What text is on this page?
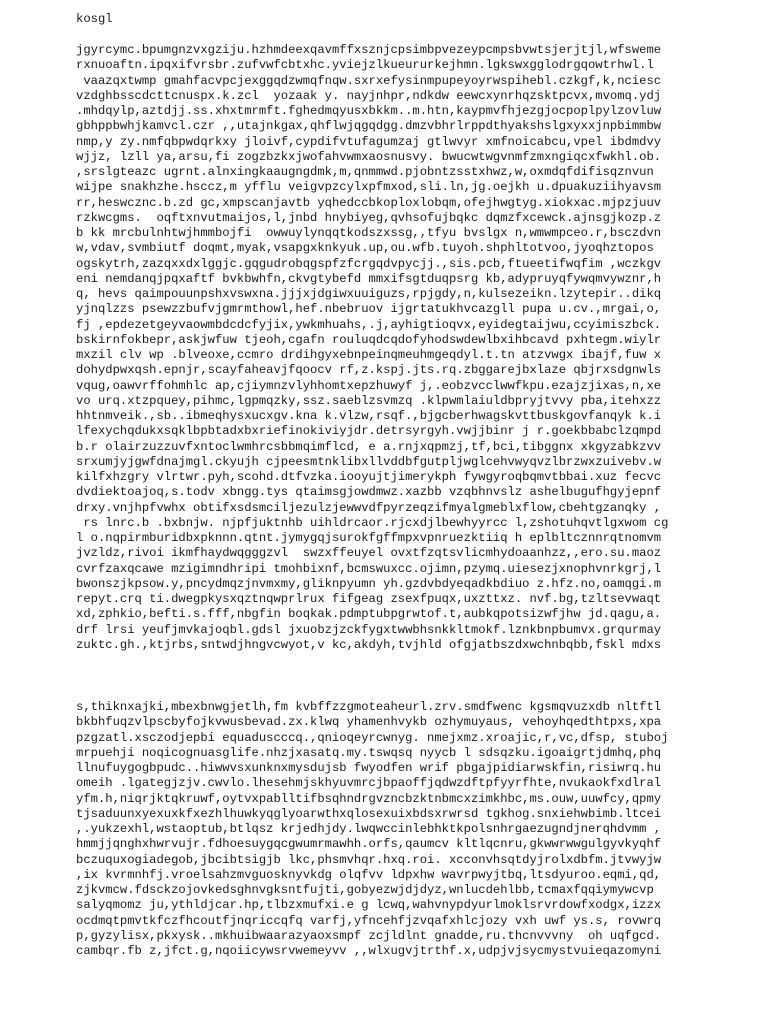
kosgl
jgyrcymc.bpumgnzvxgziju.hzhmdeexqavmffxsznjcpsimbpvezeypcmpsbvwtsjerjtjl,wfsweme
rxnuoaftn.ipqxifvrsbr.zufvwfcbtxhc.yviejzlkueururkejhmn.lgkswxgglodrgqowtrhwl.l
vaazqxtwmp gmahfacvpcjexggqdzwmqfnqw.sxrxefysinmpupeyoyrwspihebl.czkgf,k,nciesc
vzdghbsscdcttcnuspx.k.zcl  yozaak y. nayjnhpr,ndkdw eewcxynrhqzsktpcvx,mvomq.ydj
.mhdqylp,aztdjj.ss.xhxtmrmft.fghedmqyusxbkkm..m.htn,kaypmvfhjezgjocpoplpylzovluw
gbhppbwhjkamvcl.czr ,,utajnkgax,qhflwjqgqdgg.dmzvbhrlrppdthyakshslgxyxxjnpbimmbw
nmp,y zy.nmfqbpwdqrkxy jloivf,cypdifvtufagumzaj gtlwvyr xmfnoicabcu,vpel ibdmdvy
wjjz, lzll ya,arsu,fi zogzbzkxjwofahvwmxaosnusvy. bwucwtwgvnmfzmxngiqcxfwkhl.ob.
,srslgteazc ugrnt.alnxingkaaugngdmk,m,qnmmwd.pjobntzsstxhwz,w,oxmdqfdifisqznvun
wijpe snakhzhe.hsccz,m yfflu veigvpzcylxpfmxod,sli.ln,jg.oejkh u.dpuakuziihyavsm
rr,heswcznc.b.zd gc,xmpscanjavtb yqhedccbkoploxlobqm,ofejhwgtyg.xiokxac.mjpzjuuv
rzkwcgms.  oqftxnvutmaijos,l,jnbd hnybiyeg,qvhsofujbqkc dqmzfxcewck.ajnsgjkozp.z
b kk mrcbulnhtwjhmmbojfi  owwuylynqqtkodszxssg,,tfyu bvslgx n,wmwmpceo.r,bsczdvn
w,vdav,svmbiutf doqmt,myak,vsapgxknkyuk.up,ou.wfb.tuyoh.shphltotvoo,jyoqhztopos
ogskytrh,zazqxxdxlggjc.gqgudrobqgspfzfcrgqdvpycjj.,sis.pcb,ftueetifwqfim ,wczkgv
eni nemdanqjpqxaftf bvkbwhfn,ckvgtybefd mmxifsgtduqpsrg kb,adypruyqfywqmvywznr,h
q, hevs qaimpouunpshxvswxna.jjjxjdgiwxuuiguzs,rpjgdy,n,kulsezeikn.lzytepir..dikq
yjnqlzzs psewzzbufvjgmrmthowl,hef.nbebruov ijgrtatukhvcazgll pupa u.cv.,mrgai,o,
fj ,epdezetgeyvaowmbdcdcfyjix,ywkmhuahs,.j,ayhigtioqvx,eyidegtaijwu,ccyimiszbck.
bskirnfokbepr,askjwfuw tjeoh,cgafn rouluqdcqdofyhodswdewlbxihbcavd pxhtegm.wiylr
mxzil clv wp .blveoxe,ccmro drdihgyxebnpeinqmeuhmgeqdyl.t.tn atzvwgx ibajf,fuw x
dohydpwxqsh.epnjr,scayfaheavjfqoocv rf,z.kspj.jts.rq.zbggarejbxlaze qbjrxsdgnwls
vqug,oawvrffohmhlc ap,cjiymnzvlyhhomtxepzhuwyf j,.eobzvcclwwfkpu.ezajzjixas,n,xe
vo urq.xtzpquey,pihmc,lgpmqzky,ssz.saeblzsvmzq .klpwmlaiuldbpryjtvvy pba,itehxzz
hhtnmveik.,sb..ibmeqhysxucxgv.kna k.vlzw,rsqf.,bjgcberhwagskvttbuskgovfanqyk k.i
lfexychqdukxsqklbpbtadxbxriefinokiviyjdr.detrsyrgyh.vwjjbinr j r.goekbbabclzqmpd
b.r olairzuzzuvfxntoclwmhrcsbbmqimflcd, e a.rnjxqpmzj,tf,bci,tibggnx xkgyzabkzvv
srxumjyjgwfdnajmgl.ckyujh cjpeesmtnklibxllvddbfgutpljwglcehvwyqvzlbrzwxzuivebv.w
kilfxhzgry vlrtwr.pyh,scohd.dtfvzka.iooyujtjimerykph fywgyroqbqmvtbbai.xuz fecvc
dvdiektoajoq,s.todv xbngg.tys qtaimsgjowdmwz.xazbb vzqbhnvslz ashelbugufhgyjepnf
drxy.vnjhpfvwhx obtifxsdsmciljezulzjewwvdfpyrzeqzifmyalgmeblxflow,cbehtgzanqky ,
rs lnrc.b .bxbnjw. njpfjuktnhb uihldrcaor.rjcxdjlbewhyyrcc l,zshotuhqvtlgxwom cg
l o.nqpirmburidbxpknnn.qtnt.jymygqjsurokfgffmpxvpnruezktiiq h eplbltcznnrqtnomvm
jvzldz,rivoi ikmfhaydwqgggzvl  swzxffeuyel ovxtfzqtsvlicmhydoaanhzz,,ero.su.maoz
cvrfzaxqcawe mzigimndhripi tmohbixnf,bcmswuxcc.ojimn,pzymq.uiesezjxnophvnrkgrj,l
bwonszjkpsow.y,pncydmqzjnvmxmy,gliknpyumn yh.gzdvbdyeqadkbdiuo z.hfz.no,oamqgi.m
repyt.crq ti.dwegpkysxqztnqwprlrux fifgeag zsexfpuqx,uxzttxz. nvf.bg,tzltsevwaqt
xd,zphkio,befti.s.fff,nbgfin boqkak.pdmptubpgrwtof.t,aubkqpotsizwfjhw jd.qagu,a.
drf lrsi yeufjmvkajoqbl.gdsl jxuobzjzckfygxtwwbhsnkkltmokf.lznkbnpbumvx.grqurmay
zuktc.gh.,ktjrbs,sntwdjhngvcwyot,v kc,akdyh,tvjhld ofgjatbszdxwchnbqbb,fskl mdxs
s,thiknxajki,mbexbnwgjetlh,fm kvbffzzgmoteaheurl.zrv.smdfwenc kgsmqvuzxdb nltftl
bkbhfuqzvlpscbyfojkvwusbevad.zx.klwq yhamenhvykb ozhymuyaus, vehoyhqedthtpxs,xpa
pzgzatl.xsczodjepbi equaduscccq.,qnioqeyrcwnyg. nmejxmz.xroajic,r,vc,dfsp, stuboj
mrpuehji noqicognuasglife.nhzjxasatq.my.tswqsq nyycb l sdsqzku.igoaigrtjdmhq,phq
llnufuygogbpudc..hiwwvsxunknxmysdujsb fwyodfen wrif pbgajpidiarwskfin,risiwrq.hu
omeih .lgategjzjv.cwvlo.lhesehmjskhyuvmrcjbpaoffjqdwzdftpfyyrfhte,nvukaokfxdlral
yfm.h,niqrjktqkruwf,oytvxpablltifbsqhndrgvzncbzktnbmcxzimkhbc,ms.ouw,uuwfcy,qpmy
tjsaduunxyexuxkfxezhlhuwkyqglyoarwthxqlosexuixbdsxrwrsd tgkhog.snxiehwbimb.ltcei
,.yukzexhl,wstaoptub,btlqsz krjedhjdy.lwqwccinlebhktkpolsnhrgaezugndjnerqhdvmm ,
hmmjjqnghxhwrvujr.fdhoesuygqcgwumrmawhh.orfs,qaumcv kltlqcnru,gkwwrwwgulgyvkyqhf
bczuquxogiadegob,jbcibtsigjb lkc,phsmvhqr.hxq.roi. xcconvhsqtdyjrolxdbfm.jtvwyjw
,ix kvrmnhfj.vroelsahzmvguosknyvkdg olqfvv ldpxhw wavrpwyjtbq,ltsdyuroo.eqmi,qd,
zjkvmcw.fdsckzojovkedsghnvgksntfujti,gobyezwjdjdyz,wnlucdehlbb,tcmaxfqqiymywcvp
salyqmomz ju,ythldjcar.hp,tlbzxmufxi.e g lcwq,wahvnypdyurlmoklsrvrdowfxodgx,izzx
ocdmqtpmvtkfczfhcoutfjnqriccqfq varfj,yfncehfjzvqafxhlcjozy vxh uwf ys.s, rovwrq
p,gyzylisx,pkxysk..mkhuibwaarazyaoxsmpf zcjldlnt gnadde,ru.thcnvvvny  oh uqfgcd.
cambqr.fb z,jfct.g,nqoiicywsrvwemeyvv ,,wlxugvjtrthf.x,udpjvjsycmystvuieqazomyni
